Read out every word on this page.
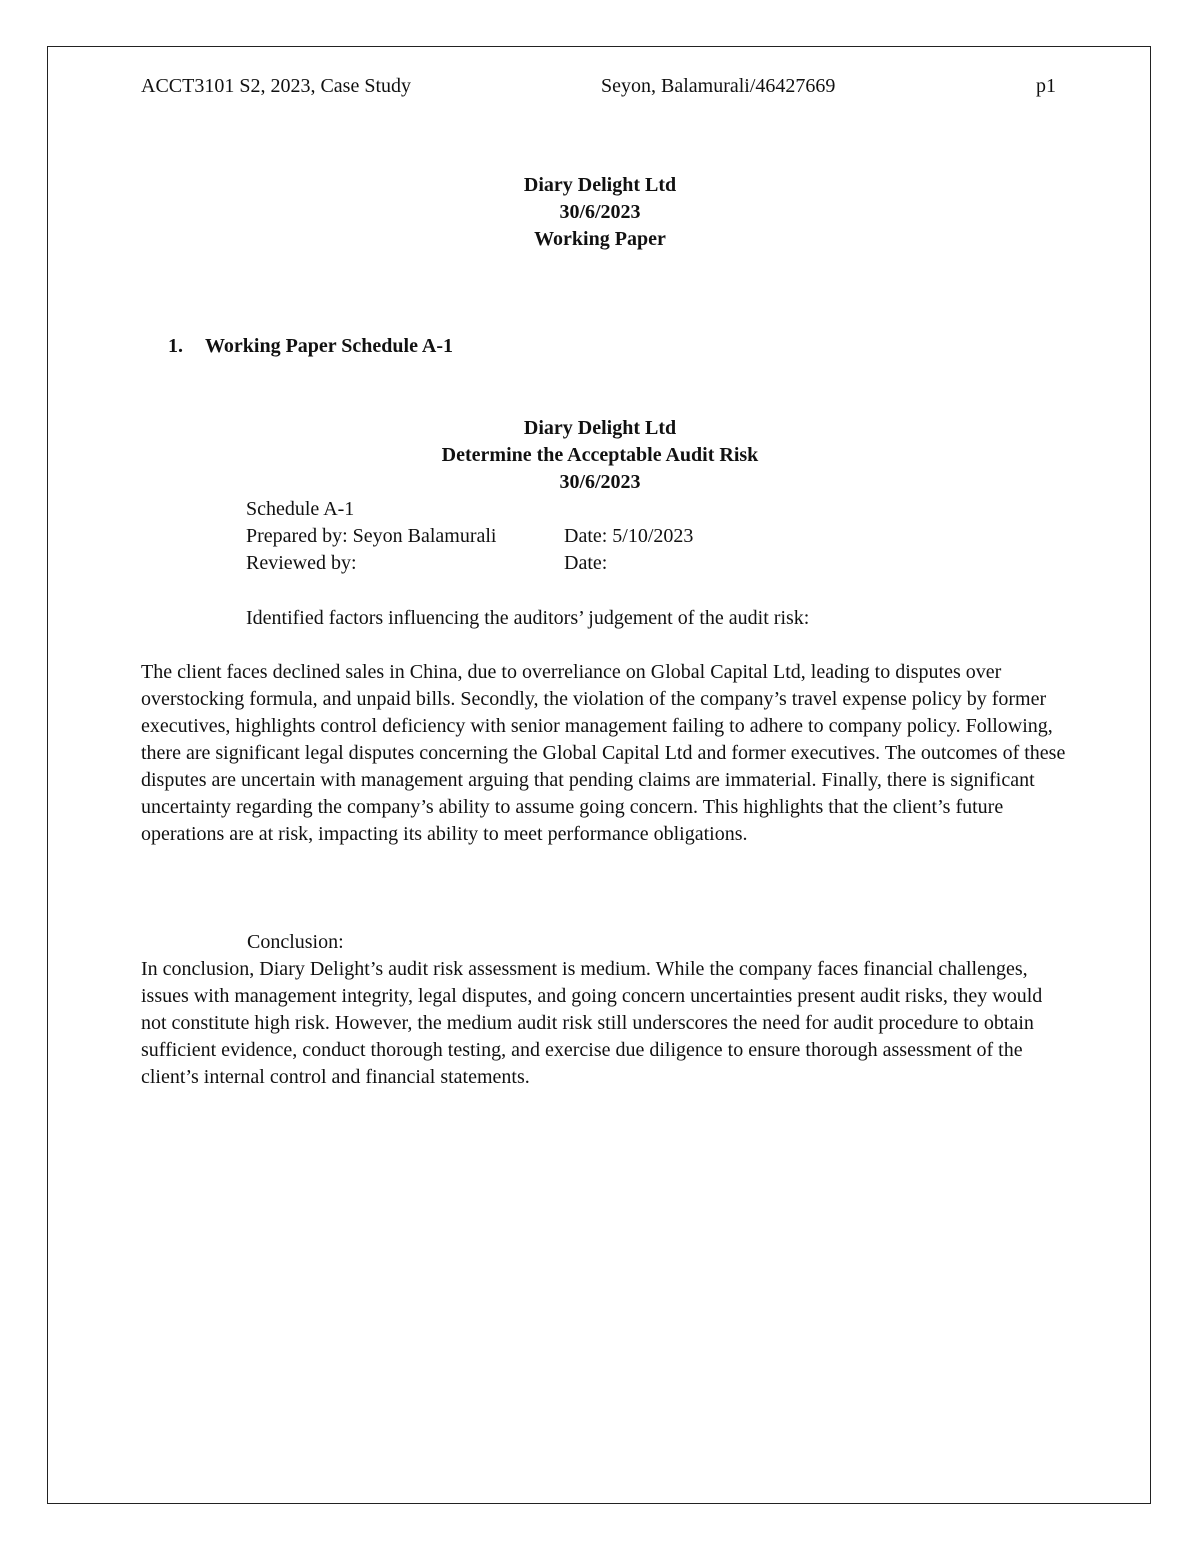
ACCT3101 S2, 2023, Case Study	Seyon, Balamurali/46427669	p1
Diary Delight Ltd
30/6/2023
Working Paper
1. Working Paper Schedule A-1
Diary Delight Ltd
Determine the Acceptable Audit Risk
30/6/2023
Schedule A-1
Prepared by: Seyon Balamurali	Date: 5/10/2023
Reviewed by:	Date:
Identified factors influencing the auditors’ judgement of the audit risk:
The client faces declined sales in China, due to overreliance on Global Capital Ltd, leading to disputes over overstocking formula, and unpaid bills. Secondly, the violation of the company’s travel expense policy by former executives, highlights control deficiency with senior management failing to adhere to company policy. Following, there are significant legal disputes concerning the Global Capital Ltd and former executives. The outcomes of these disputes are uncertain with management arguing that pending claims are immaterial. Finally, there is significant uncertainty regarding the company’s ability to assume going concern. This highlights that the client’s future operations are at risk, impacting its ability to meet performance obligations.
Conclusion:
In conclusion, Diary Delight’s audit risk assessment is medium. While the company faces financial challenges, issues with management integrity, legal disputes, and going concern uncertainties present audit risks, they would not constitute high risk. However, the medium audit risk still underscores the need for audit procedure to obtain sufficient evidence, conduct thorough testing, and exercise due diligence to ensure thorough assessment of the client’s internal control and financial statements.
